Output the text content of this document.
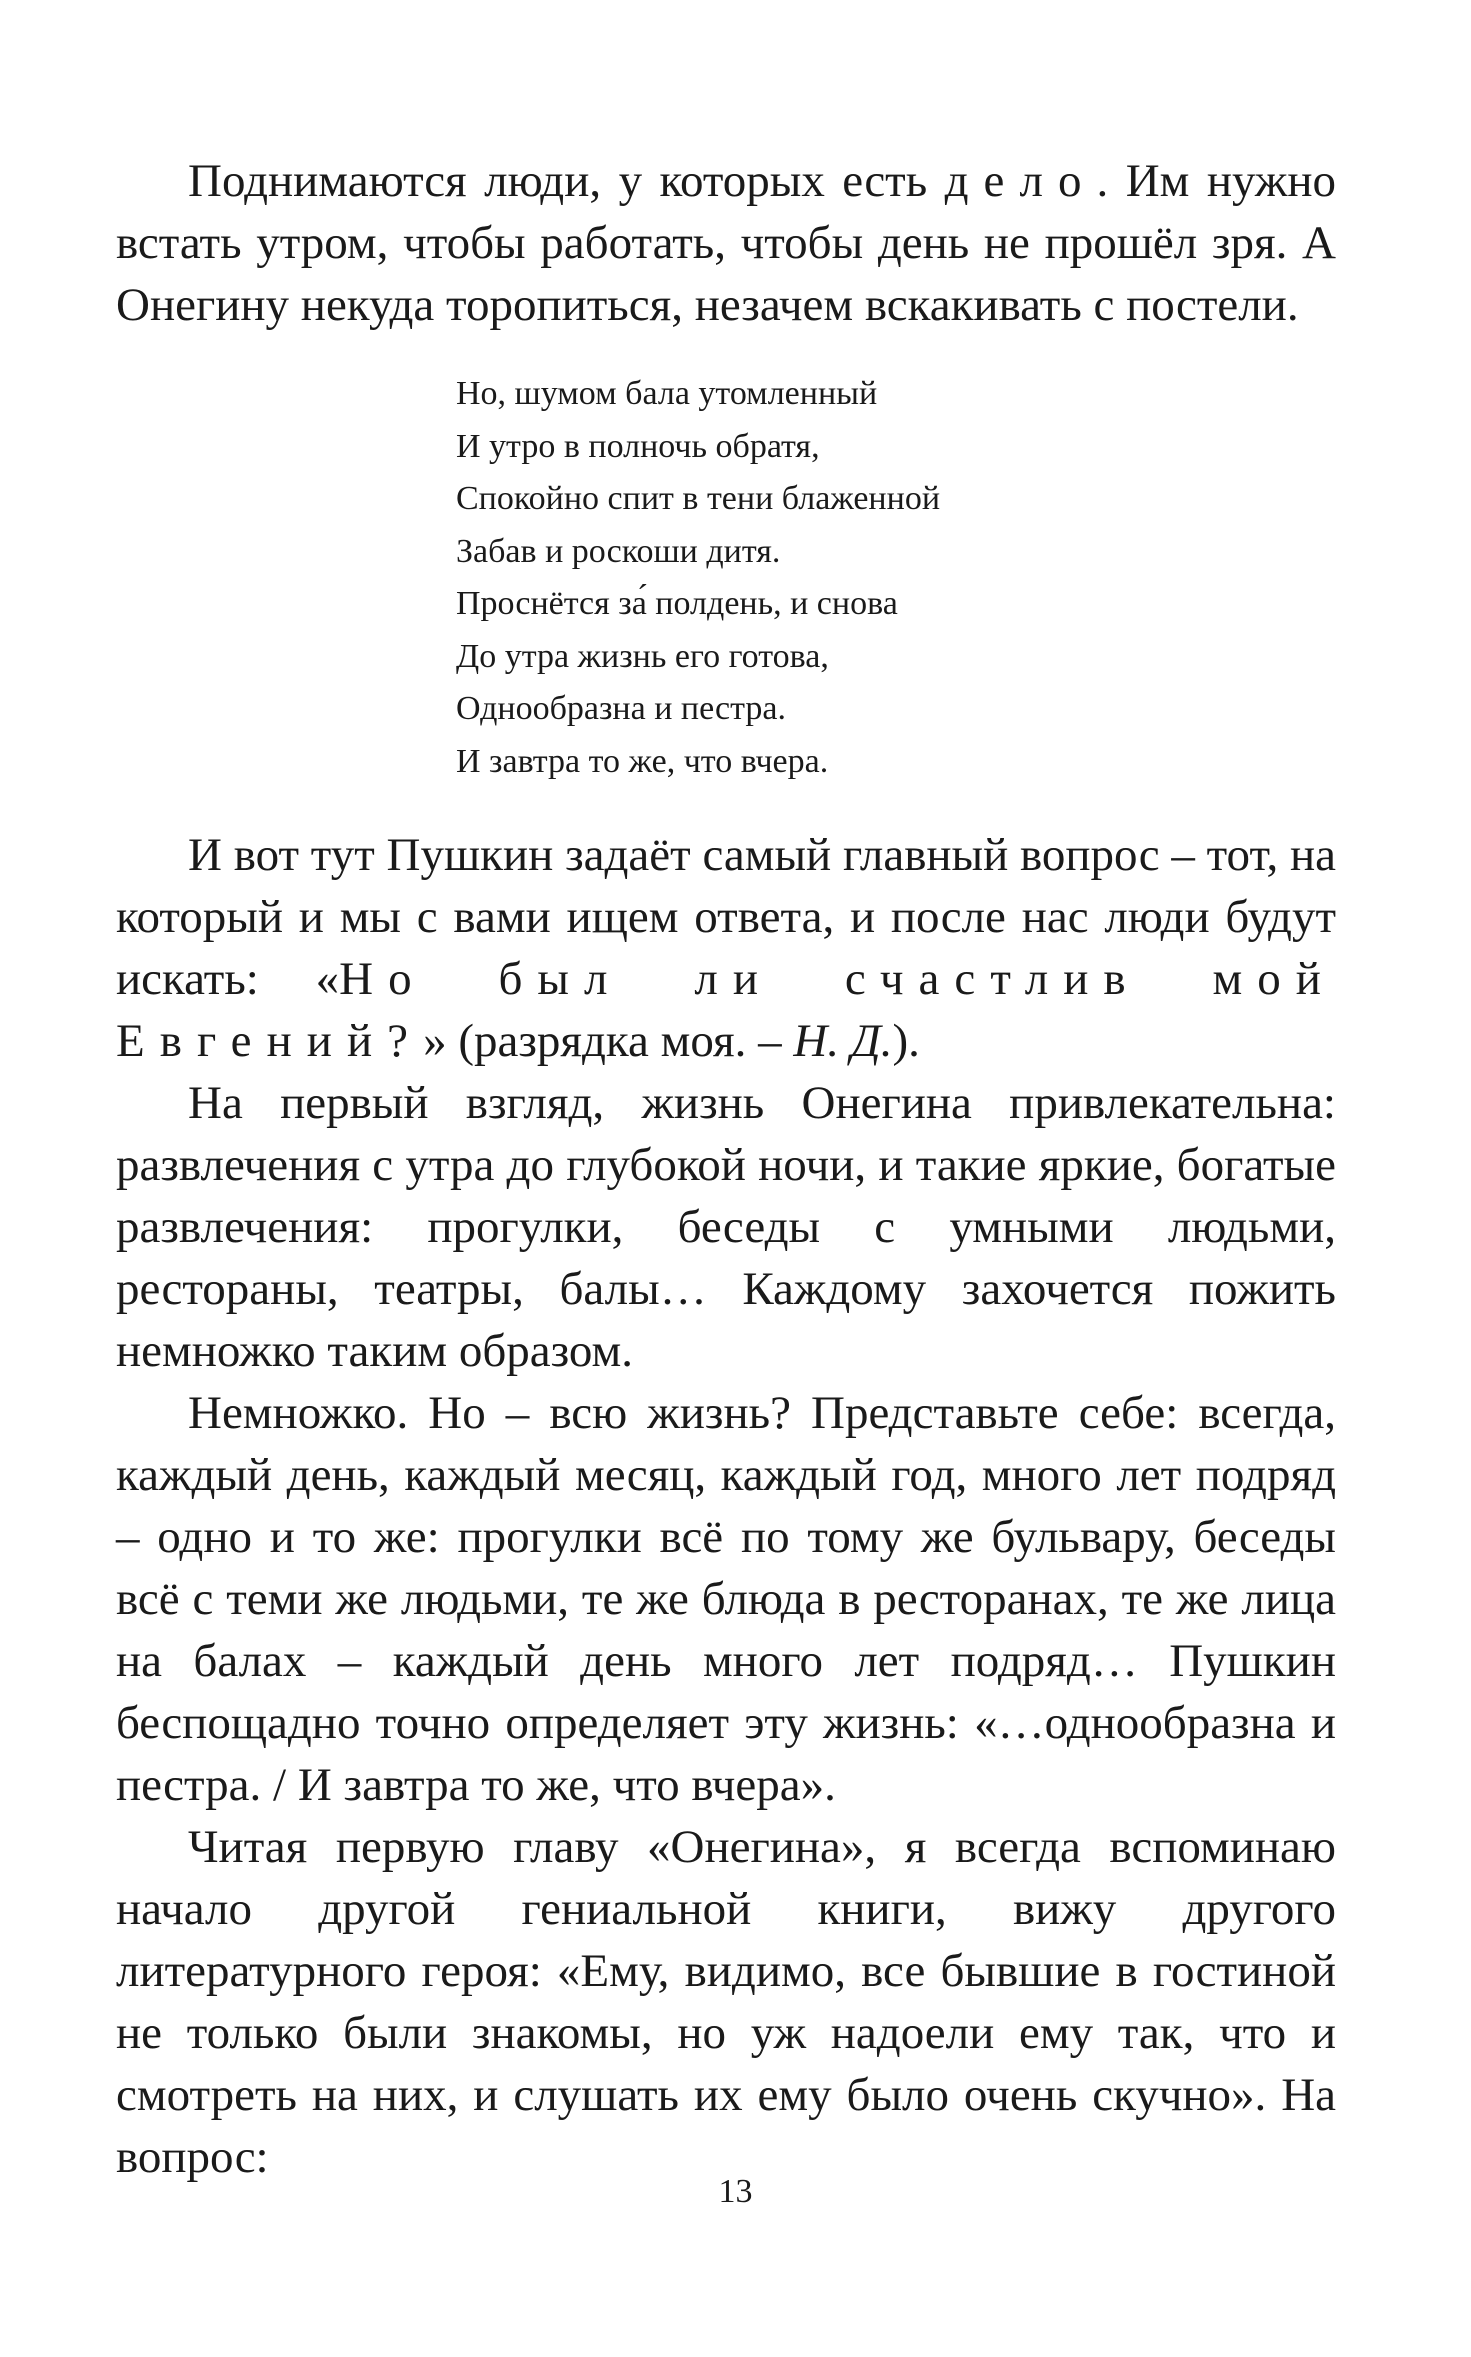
Поднимаются люди, у которых есть дело. Им нужно встать утром, чтобы работать, чтобы день не прошёл зря. А Онегину некуда торопиться, незачем вскакивать с постели.

Но, шумом бала утомленный
И утро в полночь обратя,
Спокойно спит в тени блаженной
Забав и роскоши дитя.
Проснётся за́ полдень, и снова
До утра жизнь его готова,
Однообразна и пестра.
И завтра то же, что вчера.

И вот тут Пушкин задаёт самый главный вопрос – тот, на который и мы с вами ищем ответа, и после нас люди будут искать: «Но был ли счастлив мой Евгений?» (разрядка моя. – Н. Д.).

На первый взгляд, жизнь Онегина привлекательна: развлечения с утра до глубокой ночи, и такие яркие, богатые развлечения: прогулки, беседы с умными людьми, рестораны, театры, балы… Каждому захочется пожить немножко таким образом.

Немножко. Но – всю жизнь? Представьте себе: всегда, каждый день, каждый месяц, каждый год, много лет подряд – одно и то же: прогулки всё по тому же бульвару, беседы всё с теми же людьми, те же блюда в ресторанах, те же лица на балах – каждый день много лет подряд… Пушкин беспощадно точно определяет эту жизнь: «…однообразна и пестра. / И завтра то же, что вчера».

Читая первую главу «Онегина», я всегда вспоминаю начало другой гениальной книги, вижу другого литературного героя: «Ему, видимо, все бывшие в гостиной не только были знакомы, но уж надоели ему так, что и смотреть на них, и слушать их ему было очень скучно». На вопрос:

13
